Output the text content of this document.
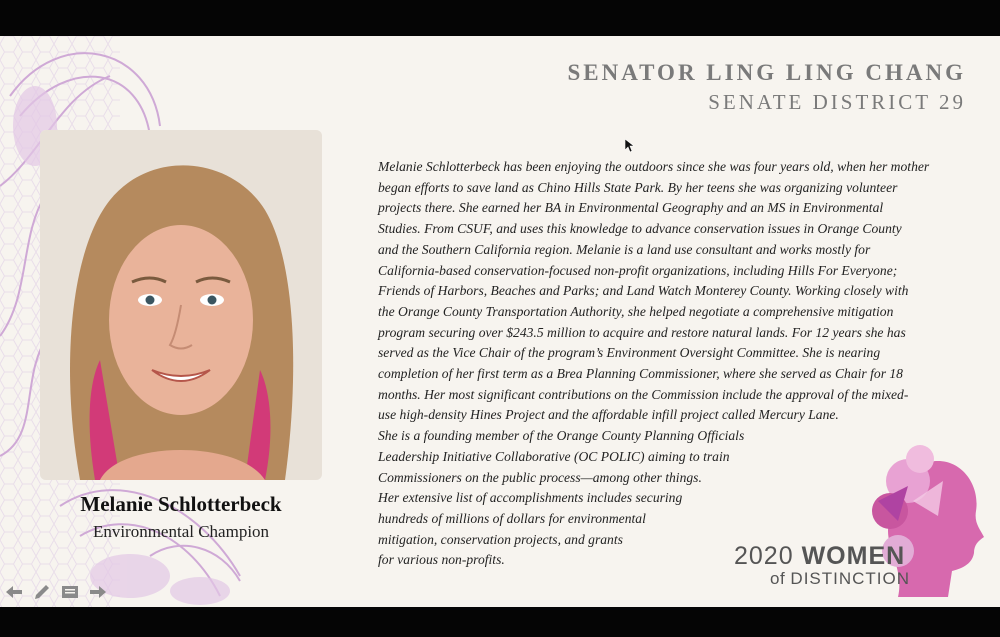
SENATOR LING LING CHANG
SENATE DISTRICT 29
Melanie Schlotterbeck
Environmental Champion
Melanie Schlotterbeck has been enjoying the outdoors since she was four years old, when her mother
began efforts to save land as Chino Hills State Park. By her teens she was organizing volunteer
projects there. She earned her BA in Environmental Geography and an MS in Environmental
Studies. From CSUF, and uses this knowledge to advance conservation issues in Orange County
and the Southern California region. Melanie is a land use consultant and works mostly for
California-based conservation-focused non-profit organizations, including Hills For Everyone;
Friends of Harbors, Beaches and Parks; and Land Watch Monterey County. Working closely with
the Orange County Transportation Authority, she helped negotiate a comprehensive mitigation
program securing over $243.5 million to acquire and restore natural lands. For 12 years she has
served as the Vice Chair of the program’s Environment Oversight Committee. She is nearing
completion of her first term as a Brea Planning Commissioner, where she served as Chair for 18
months. Her most significant contributions on the Commission include the approval of the mixed-
use high-density Hines Project and the affordable infill project called Mercury Lane.
She is a founding member of the Orange County Planning Officials
Leadership Initiative Collaborative (OC POLIC) aiming to train
Commissioners on the public process—among other things.
Her extensive list of accomplishments includes securing
hundreds of millions of dollars for environmental
mitigation, conservation projects, and grants
for various non-profits.	2020 WOMEN
of DISTINCTION
